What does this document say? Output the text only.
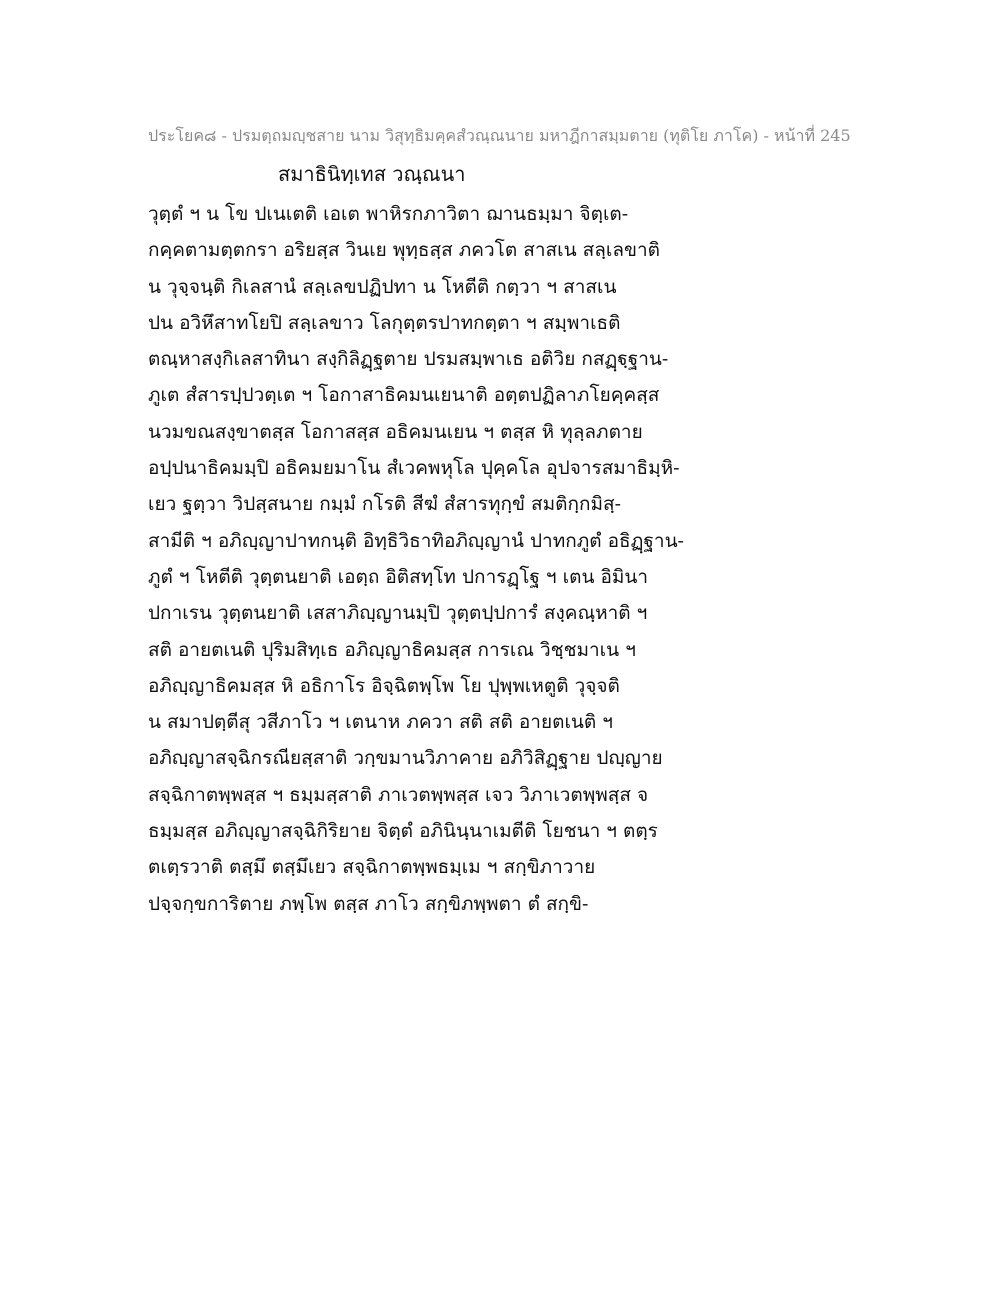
ประโยค๘ - ปรมตฺถมญฺชสาย นาม วิสุทฺธิมคฺคสํวณฺณนาย มหาฎีกาสมฺมตาย (ทุติโย ภาโค) - หน้าที่ 245
สมาธินิทฺเทส วณฺณนา
วุตฺตํ ฯ น โข ปเนเตติ เอเต พาหิรกภาวิตา ฌานธมฺมา จิตฺเต-
กคฺคตามตฺตกรา อริยสฺส วินเย พุทฺธสฺส ภควโต สาสเน สลฺเลขาติ
น วุจฺจนฺติ กิเลสานํ สลฺเลขปฏิปทา น โหตีติ กตฺวา ฯ สาสเน
ปน อวิหึสาทโยปิ สลฺเลขาว โลกุตฺตรปาทกตฺตา ฯ สมฺพาเธติ
ตณฺหาสงฺกิเลสาทินา สงฺกิลิฏฺฐตาย ปรมสมฺพาเธ อติวิย กสฏฺฐฺฐาน-
ภูเต สํสารปฺปวตฺเต ฯ โอกาสาธิคมนเยนาติ อตฺตปฏิลาภโยคฺคสฺส
นวมขณสงฺขาตสฺส โอกาสสฺส อธิคมนเยน ฯ ตสฺส หิ ทุลฺลภตาย
อปฺปนาธิคมมฺปิ อธิคมยมาโน สํเวคพหุโล ปุคฺคโล อุปจารสมาธิมฺหิ-
เยว ฐตฺวา วิปสฺสนาย กมฺมํ กโรติ สีฆํ สํสารทุกฺขํ สมติกฺกมิสฺ-
สามีติ ฯ อภิญฺญาปาทกนฺติ อิทฺธิวิธาทิอภิญฺญานํ ปาทกภูตํ อธิฏฺฐาน-
ภูตํ ฯ โหตีติ วุตฺตนยาติ เอตฺถ อิติสทฺโท ปการฏฺโฐ ฯ เตน อิมินา
ปกาเรน วุตฺตนยาติ เสสาภิญฺญานมฺปิ วุตฺตปฺปการํ สงฺคณฺหาติ ฯ
สติ อายตเนติ ปุริมสิทฺเธ อภิญฺญาธิคมสฺส การเณ วิชฺชมาเน ฯ
อภิญฺญาธิคมสฺส หิ อธิกาโร อิจฺฉิตพฺโพ โย ปุพฺพเหตูติ วุจฺจติ
น สมาปตฺตีสุ วสีภาโว ฯ เตนาห ภควา สติ สติ อายตเนติ ฯ
อภิญฺญาสจฺฉิกรณียสฺสาติ วกฺขมานวิภาคาย อภิวิสิฏฺฐาย ปญฺญาย
สจฺฉิกาตพฺพสฺส ฯ ธมฺมสฺสาติ ภาเวตพฺพสฺส เจว วิภาเวตพฺพสฺส จ
ธมฺมสฺส อภิญฺญาสจฺฉิกิริยาย จิตฺตํ อภินินฺนาเมตีติ โยชนา ฯ ตตฺร
ตเตฺรวาติ ตสฺมึ ตสฺมึเยว สจฺฉิกาตพฺพธมฺเม ฯ สกฺขิภาวาย
ปจฺจกฺขการิตาย ภพฺโพ ตสฺส ภาโว สกฺขิภพฺพตา ตํ สกฺขิ-
